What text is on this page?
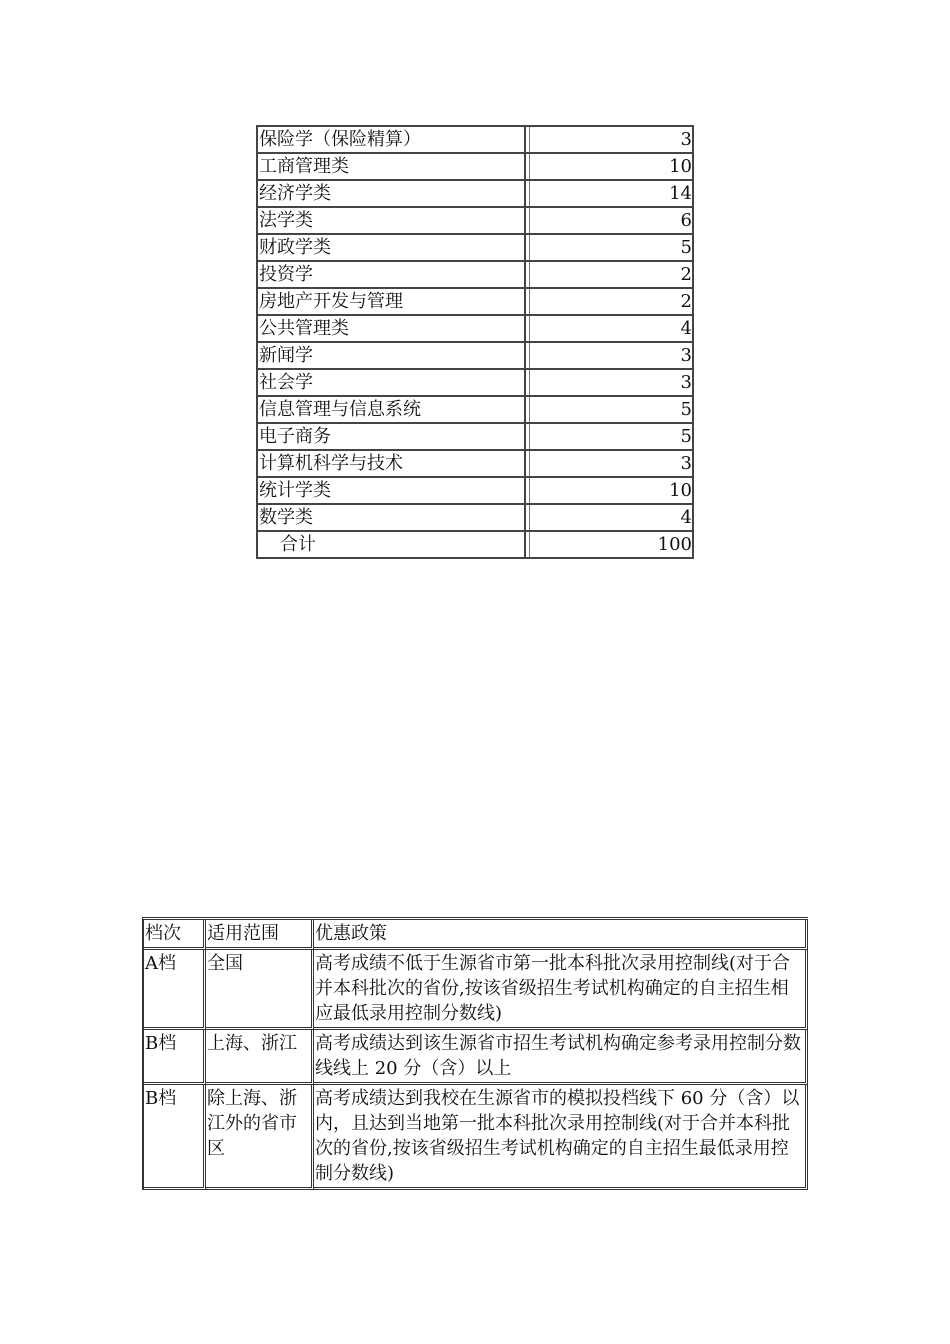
保险学（保险精算）	3
工商管理类	10
经济学类	14
法学类	6
财政学类	5
投资学	2
房地产开发与管理	2
公共管理类	4
新闻学	3
社会学	3
信息管理与信息系统	5
电子商务	5
计算机科学与技术	3
统计学类	10
数学类	4
合计	100
档次	适用范围	优惠政策
A档	全国	高考成绩不低于生源省市第一批本科批次录用控制线(对于合并本科批次的省份,按该省级招生考试机构确定的自主招生相应最低录用控制分数线)
B档	上海、浙江	高考成绩达到该生源省市招生考试机构确定参考录用控制分数线线上 20 分（含）以上
B档	除上海、浙江外的省市区	高考成绩达到我校在生源省市的模拟投档线下 60 分（含）以内，且达到当地第一批本科批次录用控制线(对于合并本科批次的省份,按该省级招生考试机构确定的自主招生最低录用控制分数线)
